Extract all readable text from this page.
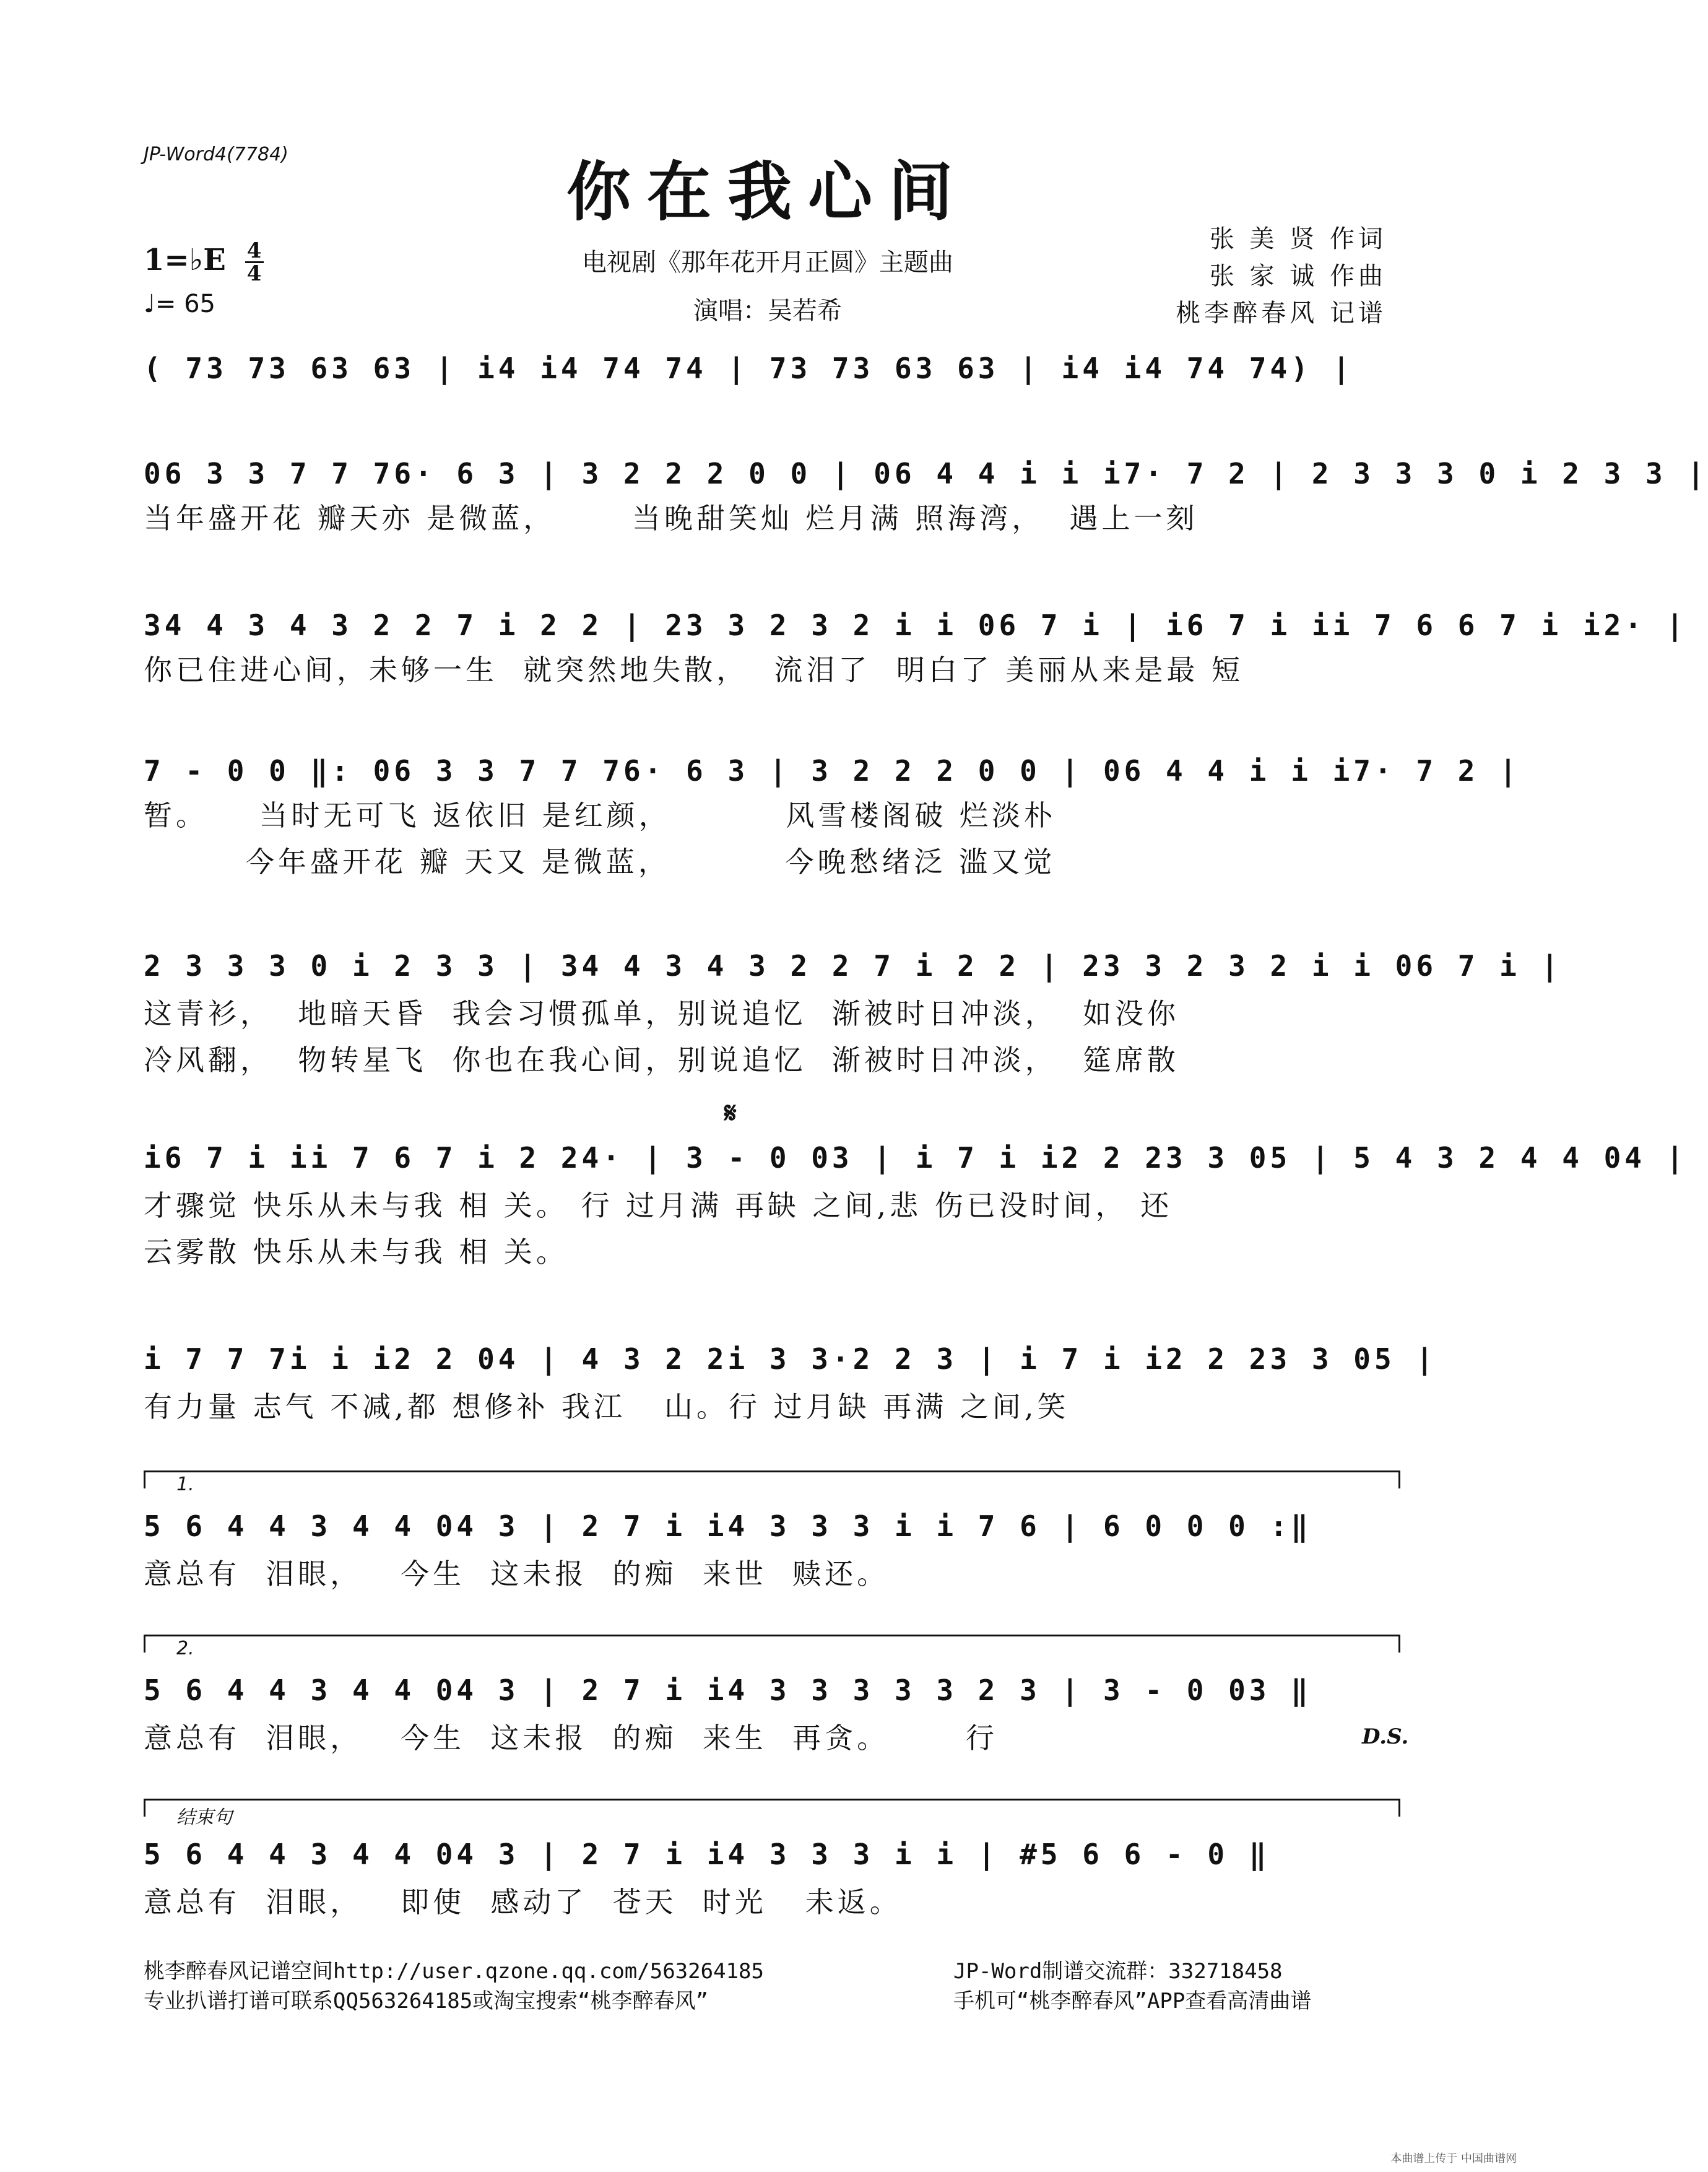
JP-Word4(7784)	你在我心间
1=♭E $\frac{4}{4}$
♩= 65
电视剧《那年花开月正圆》主题曲
演唱：吴若希
张 美 贤 作词
张 家 诚 作曲
桃李醉春风 记谱
( 73 73 63 63 | i4 i4 74 74 | 73 73 63 63 | i4 i4 74 74) |
06 3 3 7 7 76· 6 3 | 3 2 2 2 0 0 | 06 4 4 i i i7· 7 2 | 2 3 3 3 0 i 2 3 3 |
当年盛开花 瓣天亦 是微蓝，      当晚甜笑灿 烂月满 照海湾，  遇上一刻
34 4 3 4 3 2 2 7 i 2 2 | 23 3 2 3 2 i i 06 7 i | i6 7 i ii 7 6 6 7 i i2· |
你已住进心间，未够一生  就突然地失散，  流泪了  明白了 美丽从来是最 短
7 - 0 0 ‖: 06 3 3 7 7 76· 6 3 | 3 2 2 2 0 0 | 06 4 4 i i i7· 7 2 |
暂。    当时无可飞 返依旧 是红颜，         风雪楼阁破 烂淡朴
今年盛开花 瓣 天又 是微蓝，         今晚愁绪泛 滥又觉
2 3 3 3 0 i 2 3 3 | 34 4 3 4 3 2 2 7 i 2 2 | 23 3 2 3 2 i i 06 7 i |
这青衫，  地暗天昏  我会习惯孤单，别说追忆  渐被时日冲淡，  如没你
冷风翻，  物转星飞  你也在我心间，别说追忆  渐被时日冲淡，  筵席散
𝄋
i6 7 i ii 7 6 7 i 2 24· | 3 - 0 03 | i 7 i i2 2 23 3 05 | 5 4 3 2 4 4 04 |
才骤觉 快乐从未与我 相 关。 行 过月满 再缺 之间,悲 伤已没时间， 还
云雾散 快乐从未与我 相 关。
i 7 7 7i i i2 2 04 | 4 3 2 2i 3 3·2 2 3 | i 7 i i2 2 23 3 05 |
有力量 志气 不减,都 想修补 我江   山。行 过月缺 再满 之间,笑
1.
5 6 4 4 3 4 4 04 3 | 2 7 i i4 3 3 3 i i 7 6 | 6 0 0 0 :‖
意总有  泪眼，   今生  这未报  的痴  来世  赎还。
2.
5 6 4 4 3 4 4 04 3 | 2 7 i i4 3 3 3 3 3 2 3 | 3 - 0 03 ‖
意总有  泪眼，   今生  这未报  的痴  来生  再贪。      行	D.S.
结束句
5 6 4 4 3 4 4 04 3 | 2 7 i i4 3 3 3 i i | #5 6 6 - 0 ‖
意总有  泪眼，   即使  感动了  苍天  时光   未返。
桃李醉春风记谱空间http://user.qzone.qq.com/563264185
专业扒谱打谱可联系QQ563264185或淘宝搜索“桃李醉春风”
JP-Word制谱交流群：332718458
手机可“桃李醉春风”APP查看高清曲谱
本曲谱上传于 中国曲谱网
